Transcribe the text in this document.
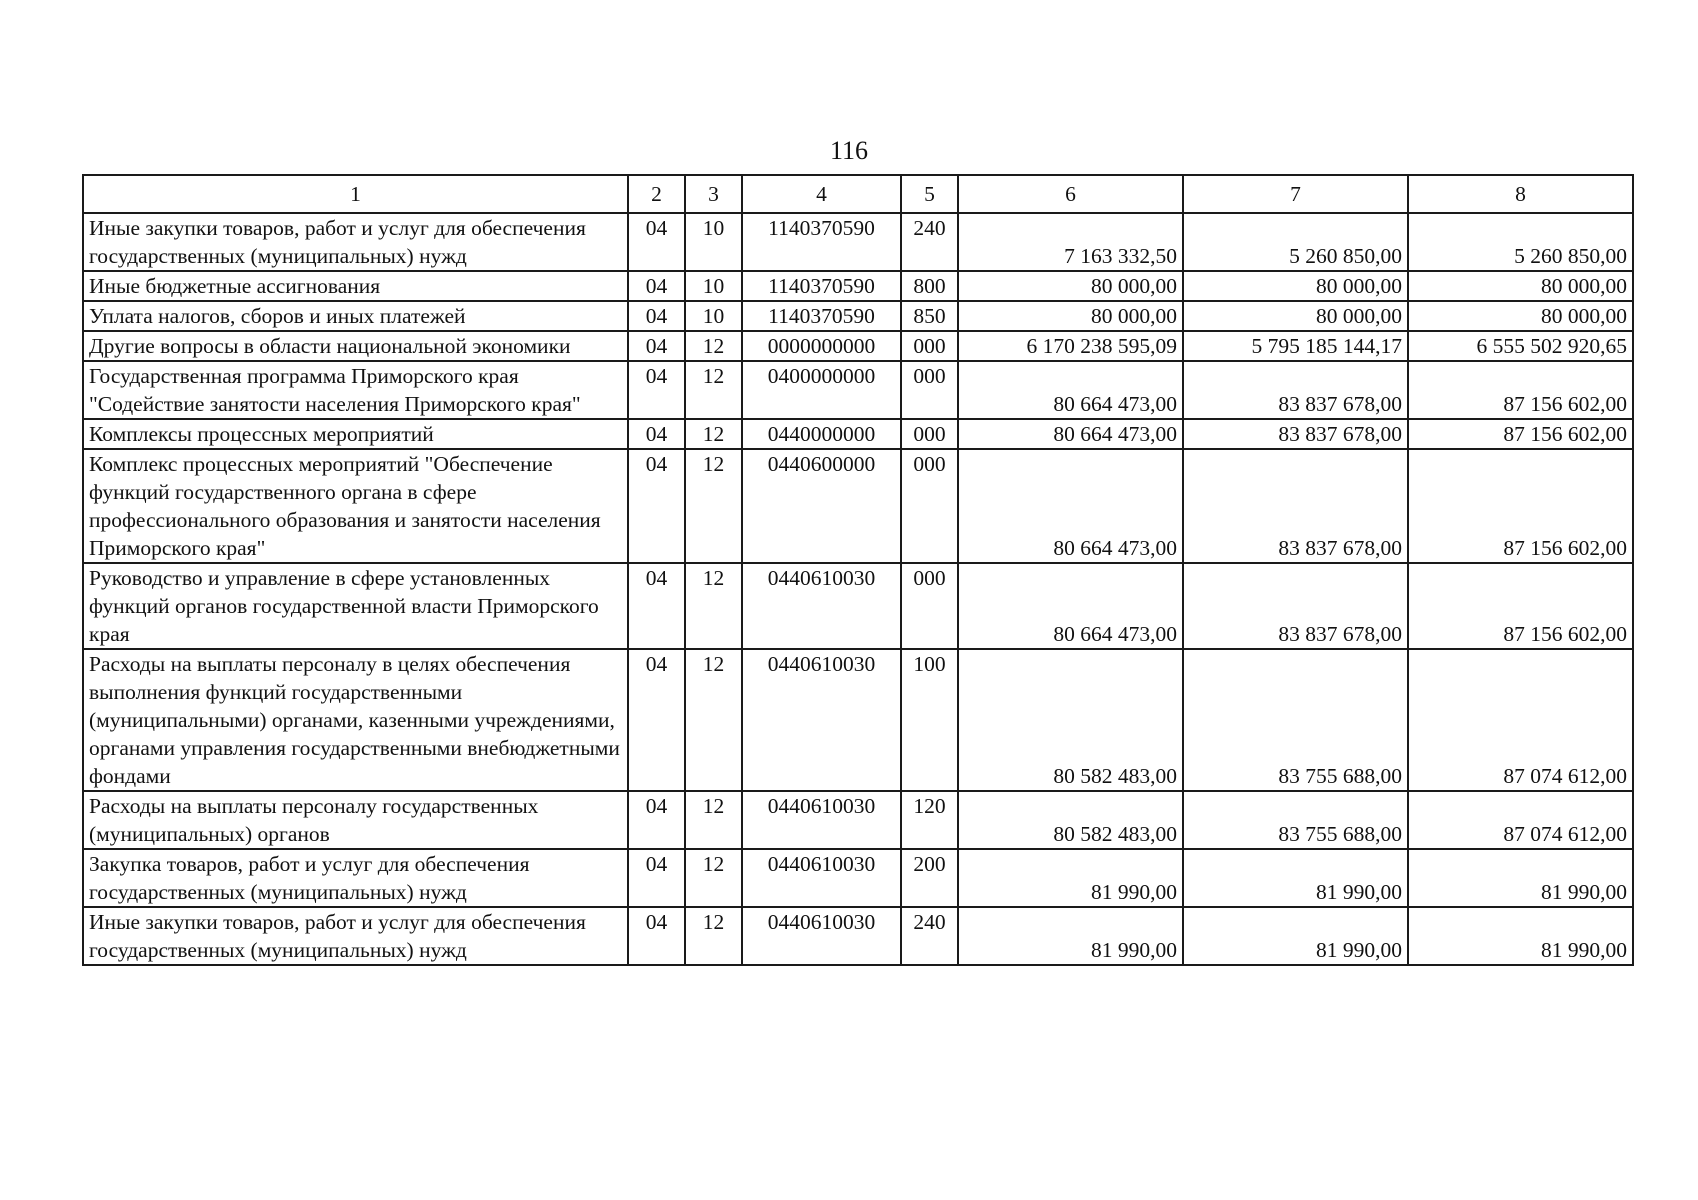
116
1	2	3	4	5	6	7	8
Иные закупки товаров, работ и услуг для обеспечения государственных (муниципальных) нужд	04	10	1140370590	240	7 163 332,50	5 260 850,00	5 260 850,00
Иные бюджетные ассигнования	04	10	1140370590	800	80 000,00	80 000,00	80 000,00
Уплата налогов, сборов и иных платежей	04	10	1140370590	850	80 000,00	80 000,00	80 000,00
Другие вопросы в области национальной экономики	04	12	0000000000	000	6 170 238 595,09	5 795 185 144,17	6 555 502 920,65
Государственная программа Приморского края "Содействие занятости населения Приморского края"	04	12	0400000000	000	80 664 473,00	83 837 678,00	87 156 602,00
Комплексы процессных мероприятий	04	12	0440000000	000	80 664 473,00	83 837 678,00	87 156 602,00
Комплекс процессных мероприятий "Обеспечение функций государственного органа в сфере профессионального образования и занятости населения Приморского края"	04	12	0440600000	000	80 664 473,00	83 837 678,00	87 156 602,00
Руководство и управление в сфере установленных функций органов государственной власти Приморского края	04	12	0440610030	000	80 664 473,00	83 837 678,00	87 156 602,00
Расходы на выплаты персоналу в целях обеспечения выполнения функций государственными (муниципальными) органами, казенными учреждениями, органами управления государственными внебюджетными фондами	04	12	0440610030	100	80 582 483,00	83 755 688,00	87 074 612,00
Расходы на выплаты персоналу государственных (муниципальных) органов	04	12	0440610030	120	80 582 483,00	83 755 688,00	87 074 612,00
Закупка товаров, работ и услуг для обеспечения государственных (муниципальных) нужд	04	12	0440610030	200	81 990,00	81 990,00	81 990,00
Иные закупки товаров, работ и услуг для обеспечения государственных (муниципальных) нужд	04	12	0440610030	240	81 990,00	81 990,00	81 990,00
